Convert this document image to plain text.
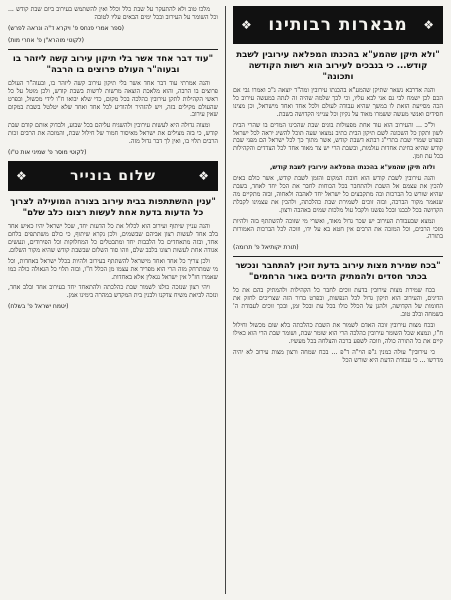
❖
מבארות רבותינו
❖
"ולא תיקן שהמע"א בהכנתו המפלאה עירובין לשבת קודש... כי בנבכים לעירוב הוא רשות הקודשה ותכונה"

והנה אדרבא נשאר שתיקן שהמע"א בהכנתו עירובין ומה"ד יוצאה ג"כ ואמרו גבי אם הכם לכן ישמח לבי גם אני לבא עליו, וכי לכך שלמה שהיה זה לנתה במעשה עירוב כל הכה מסייעת הזאת לו במשך שהיא עבודה לעולם ולכל אחד ואחד מישראל, וכן מצינו חסידים ואנשי מעשה ששמרו מאוד על נקיון וכל ענייני הקדושה בשבת.

ול"כ ... והעירוב הוא עוד אחת מפעולות בונים שבת שהכינו המדים בו שהרי הבית לשון ותקון כל השכונה לשם תיקון הבית כתיב נמצאו שעה תוכל להשיג יראה לכל ישראל ובפרט שמרי שבת בתרי"ג רבתא דשבת קודש, אשר מתוך כך לכל ישראל הם מפני שבת קודש שהיא בחינת אחדות עולמות, ובשבת הרי יש צד מאוד אחד לכל הצדדים והקהילות בכל עת וזמן.

ולזה תיקן שהמע"א בהכנתו המפלאה עירובין לשבת קודש,

והנה עירובין לשבת קודש הוא חובת המקום והזמן לשבת קודש, אשר כולם באים להכין את עצמם אל השבת ולהתחבר בכל הכוחות לחבר את הכל יחד לאחד, בשבת שהיא שורש כל הברכות ובה מתקבצים כל ישראל יחד לאהבה ולאחוה, ובזה מתקיים מה שנאמר מקור הברכה, ובזה זוכים לשמירת שבת כהלכתה, ולהכין את עצמינו לקבלת הקדושה בכל לבבנו ובכל נפשנו ולקבל עול מלכות שמים באהבה ורצון.

ונמצא שבעבודת העירוב יש שכר גדול מאוד, ואשרי מי שזוכה להשתתף בזה ולהיות מזכי הרבים, וכל המזכה את הרבים אין חטא בא על ידו, וזוכה לכל הברכות האמורות בתורה.

(תורת יקותיאל פ' תרומה)
"בכח שמירת מצות עירוב בדעת זוכין להתחבר ונכשר בכתר חסדים ולהמתיק הדינים באור הרחמים"

בכח שמירת מצות עירובין בדעת זוכים לחבר כל הקהילות ולהמתיק בהם את כל הדינים, והעירוב הוא תיקון גדול לכל הנפשות, ובפרט בדור הזה שצריכים לחזק את החומות של הקדושה, ולהגן על הכלל כולו בכל עת ובכל זמן, ובכך זוכים לעבודת ה' בשמחה ובלב טוב.

ובכח מצות עירובין זוכה האדם לשמור את השבת כהלכתה בלא שום מכשול וחילול ח"ו, ונמצא שכל השומר עירובין כהלכה הרי הוא שומר שבת, ושומר שבת הרי הוא כאילו קיים את כל התורה כולה, וזוכה לשפע ברכה והצלחה בכל מעשיו.

כי עירובין" עולה כמנין ג"פ הוי"ה ד"פ ... בכח שמחה ורצון מצות עירוב לא יהיה מדרשו ... כי עבודת הדעת היא שורש הכל

מלכו טוב ולא להתעקר על שבת כלל וכלל ואין להשתמש בעירוב ביום שבת קודש ... וכל השומר על העירוב ובכל ימים הבאים עליו לטובה

(ספר אמרי פנחס פ' ויקרא ד"ה ונראה לפרש)
(לקוטי מוהרא"ן פ' אחרי מות)
"עוד דבר אחד אשר בלי תיקון עירוב קשה ליזהר בו ובעוה"ר העולם פרוצים בו הרבה"

והנה אמרתי עוד דבר אחד אשר בלי תיקון עירוב קשה ליזהר בו, ובעוה"ר העולם פרוצים בו הרבה, והוא מלאכת הוצאה מרשות לרשות בשבת קודש, ולכן מוטל על כל ראשי הקהילות לתקן עירובין כהלכה בכל מקום, כדי שלא יבואו ח"ו לידי מכשול, ובפרט שהעולם מקילים בזה, ויש להזהיר ולהודיע לכל אחד ואחד שלא יטלטל בשבת במקום שאין עירוב.

ומצוה גדולה היא לעשות עירובין ולהשגיח עליהם בכל שבוע, ולבדוק אותם קודם שבת קודש, כי בזה מצילים את ישראל מאיסור חמור של חילול שבת, והמזכה את הרבים זכות הרבים תלוי בו, ואין לך דבר גדול מזה.

(לקוטי מוסר פ' שמיני אות ט"ו)
❖
שלום בונייר
❖
"ענין ההשתתפות בבית עירוב בצורה המועילה לצרוך כל הדעות בדעת אחת לעשות רצונו כלב שלם"

והנה עניין שיתוף ועירוב הוא לכלול את כל הדעות יחד, שכל ישראל יהיו כאיש אחד בלב אחד לעשות רצון אביהם שבשמים, ולכן נקרא שיתוף, כי כולם משתתפים בלחם אחד, ובזה מתאחדים כל הלבבות יחד ומתבטלים כל המחלוקות וכל הפירודים, ונעשים אגודה אחת לעשות רצונו בלבב שלם, וזהו סוד השלום שבשבת קודש שהיא מקור השלום.

ולכן צריך כל אחד ואחד מישראל להשתתף בעירוב ולהיות בכלל ישראל באחדות, וכל מי שמתרחק מזה הרי הוא מפריד את עצמו מן הכלל ח"ו, ובזה תלוי כל הגאולה כולה כמו שאמרו חז"ל אין ישראל נגאלין אלא באחדות.

ויהי רצון שנזכה כולנו לשמור שבת כהלכתה ולהתאחד יחד בעירוב אחד ובלב אחד, ונזכה לביאת משיח צדקנו ולבנין בית המקדש במהרה בימינו אמן.

(יטמח ישראל פ' בשלח)
